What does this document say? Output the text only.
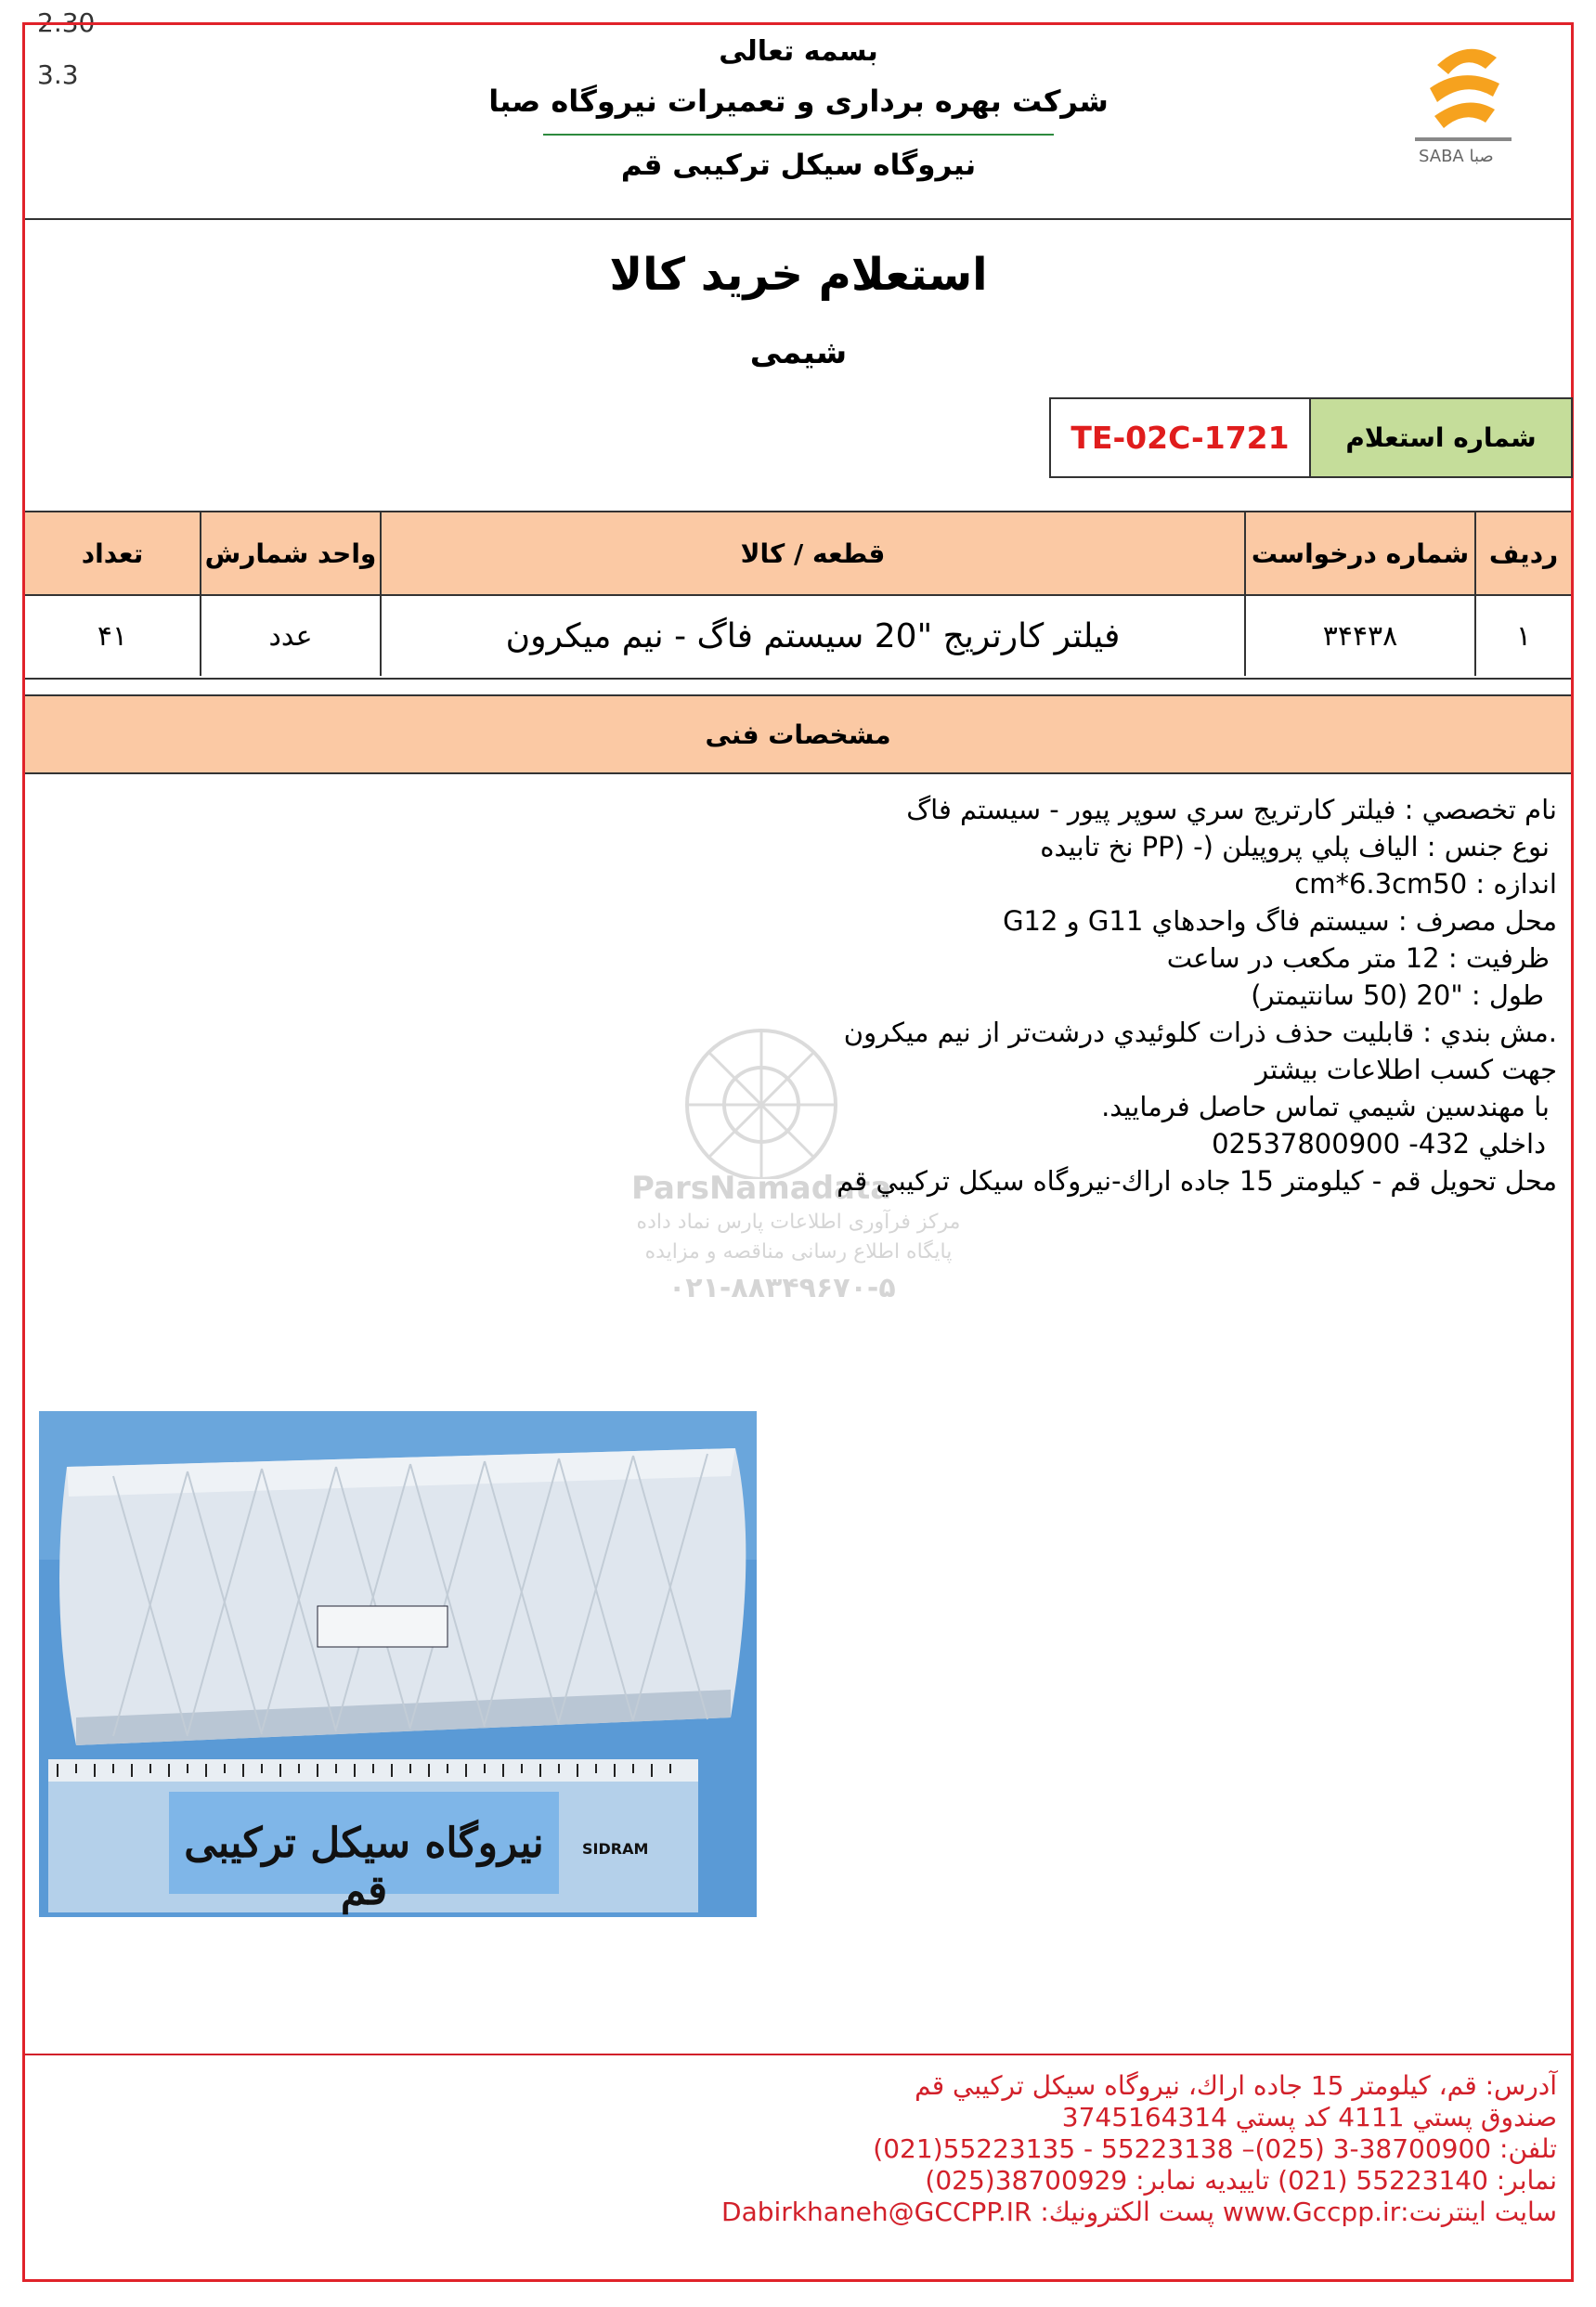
2.30
3.3
بسمه تعالی
شرکت بهره برداری و تعمیرات نیروگاه صبا
نیروگاه سیکل ترکیبی قم	SABA صبا
استعلام خرید کالا
شیمی
TE-02C-1721 شماره استعلام
ردیف
شماره درخواست
قطعه / کالا
واحد شمارش
تعداد
۱
۳۴۴۳۸
فیلتر کارتریج "20 سیستم فاگ - نیم میکرون
عدد
۴۱
مشخصات فنی
ParsNamadata
مرکز فرآوری اطلاعات پارس نماد داده
پایگاه اطلاع رسانی مناقصه و مزایده
۰۲۱-۸۸۳۴۹۶۷۰-۵
نام تخصصي : فيلتر كارتريج سري سوپر پيور - سيستم فاگ
نوع جنس : الياف پلي پروپيلن (- (PP نخ تابيده
اندازه : cm*6.3cm50
محل مصرف : سيستم فاگ واحدهاي G11 و G12
ظرفيت : 12 متر مكعب در ساعت
طول : "20 (50 سانتيمتر)
.مش بندي : قابليت حذف ذرات كلوئيدي درشت‌تر از نيم ميكرون
جهت كسب اطلاعات بيشتر
با مهندسين شيمي تماس حاصل فرماييد.
داخلي 432- 02537800900
محل تحويل قم - كيلومتر 15 جاده اراك-نيروگاه سيكل تركيبي قم
نیروگاه سیکل ترکیبی قم
SIDRAM
آدرس: قم، كيلومتر 15 جاده اراك، نيروگاه سيكل تركيبي قم
صندوق پستي 4111 كد پستي 3745164314
تلفن: 38700900-3 (025)– 55223138 - 55223135(021)
نمابر: 55223140 (021) تاييديه نمابر: 38700929(025)
سايت اينترنت:www.Gccpp.ir پست الكترونيك: Dabirkhaneh@GCCPP.IR
